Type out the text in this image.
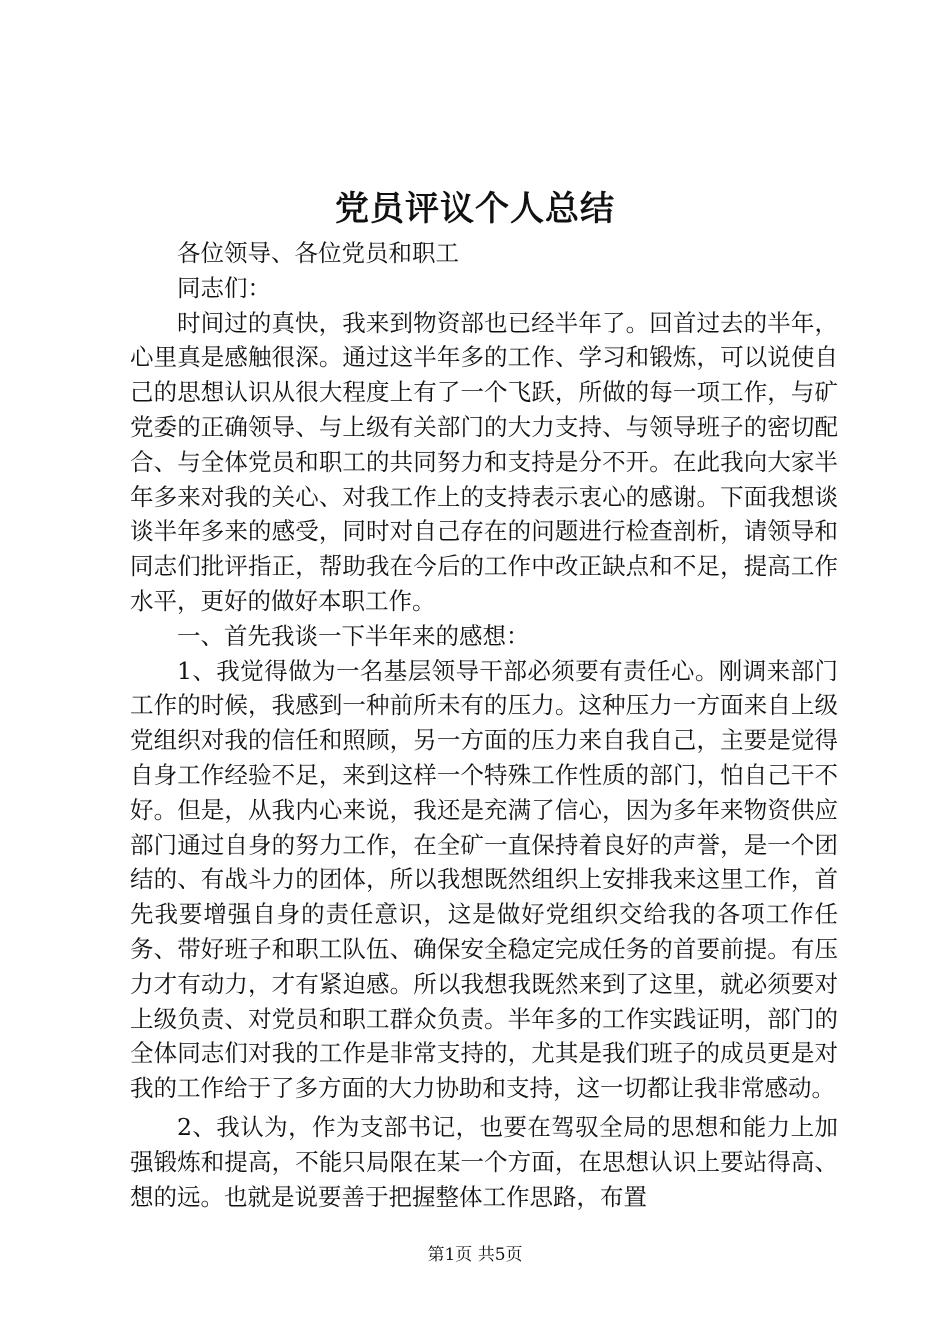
党员评议个人总结

各位领导、各位党员和职工

同志们：

时间过的真快，我来到物资部也已经半年了。回首过去的半年，心里真是感触很深。通过这半年多的工作、学习和锻炼，可以说使自己的思想认识从很大程度上有了一个飞跃，所做的每一项工作，与矿党委的正确领导、与上级有关部门的大力支持、与领导班子的密切配合、与全体党员和职工的共同努力和支持是分不开。在此我向大家半年多来对我的关心、对我工作上的支持表示衷心的感谢。下面我想谈谈半年多来的感受，同时对自己存在的问题进行检查剖析，请领导和同志们批评指正，帮助我在今后的工作中改正缺点和不足，提高工作水平，更好的做好本职工作。

一、首先我谈一下半年来的感想：

1、我觉得做为一名基层领导干部必须要有责任心。刚调来部门工作的时候，我感到一种前所未有的压力。这种压力一方面来自上级党组织对我的信任和照顾，另一方面的压力来自我自己，主要是觉得自身工作经验不足，来到这样一个特殊工作性质的部门，怕自己干不好。但是，从我内心来说，我还是充满了信心，因为多年来物资供应部门通过自身的努力工作，在全矿一直保持着良好的声誉，是一个团结的、有战斗力的团体，所以我想既然组织上安排我来这里工作，首先我要增强自身的责任意识，这是做好党组织交给我的各项工作任务、带好班子和职工队伍、确保安全稳定完成任务的首要前提。有压力才有动力，才有紧迫感。所以我想我既然来到了这里，就必须要对上级负责、对党员和职工群众负责。半年多的工作实践证明，部门的全体同志们对我的工作是非常支持的，尤其是我们班子的成员更是对我的工作给于了多方面的大力协助和支持，这一切都让我非常感动。

2、我认为，作为支部书记，也要在驾驭全局的思想和能力上加强锻炼和提高，不能只局限在某一个方面，在思想认识上要站得高、想的远。也就是说要善于把握整体工作思路，布置

第1页 共5页
